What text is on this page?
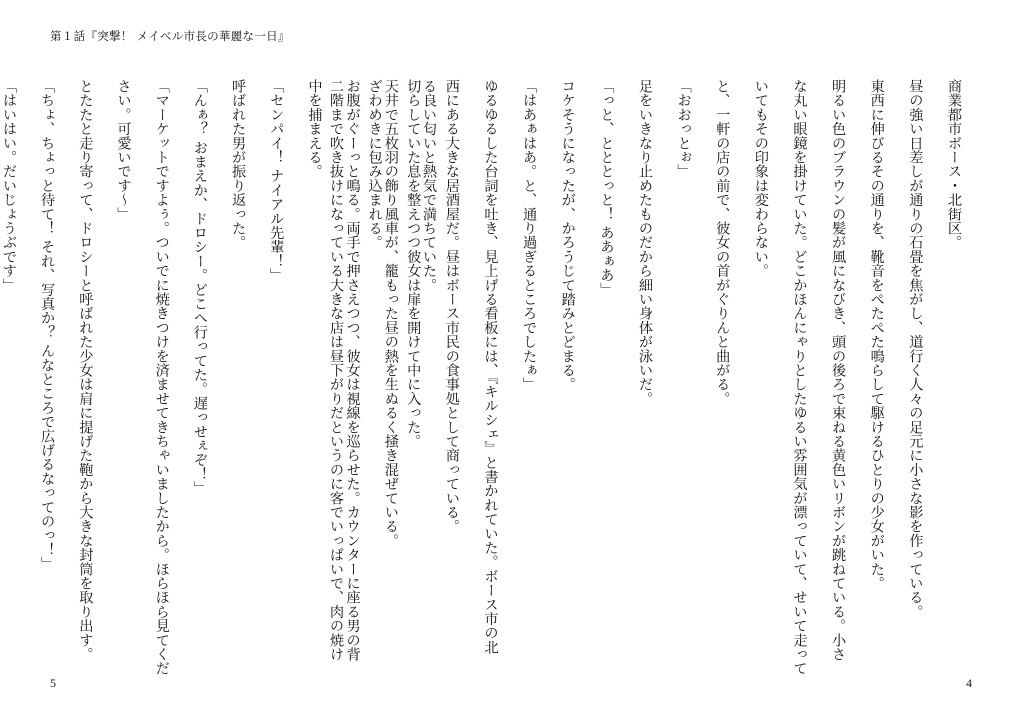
第１話『突撃！ メイベル市長の華麗な一日』
る良い匂いと熱気で満ちていた。
天井で五枚羽の飾り風車が、籠もった昼の熱を生ぬるく掻き混ぜている。
お腹がぐーっと鳴る。両手で押さえつつ、彼女は視線を巡らせた。カウンターに座る男の背
中を捕まえる。
「センパイ！ ナイアル先輩！」
呼ばれた男が振り返った。
「んぁ？ おまえか、ドロシー。どこへ行ってた。遅っせぇぞ！」
「マーケットですよぅ。ついでに焼きつけを済ませてきちゃいましたから。ほらほら見てくだ
さい。可愛いです～」
とたたと走り寄って、ドロシーと呼ばれた少女は肩に提げた鞄から大きな封筒を取り出す。
「ちょ、ちょっと待て！ それ、写真か？ んなところで広げるなってのっ！」
「はいはい。だいじょうぶです」	商業都市ボース・北街区。
昼の強い日差しが通りの石畳を焦がし、道行く人々の足元に小さな影を作っている。
東西に伸びるその通りを、靴音をぺたぺた鳴らして駆けるひとりの少女がいた。
明るい色のブラウンの髪が風になびき、頭の後ろで束ねる黄色いリボンが跳ねている。小さ
な丸い眼鏡を掛けていた。どこかほんにゃりとしたゆるい雰囲気が漂っていて、せいて走って
いてもその印象は変わらない。
と、一軒の店の前で、彼女の首がぐりんと曲がる。
「おおっとぉ」
足をいきなり止めたものだから細い身体が泳いだ。
「っと、とととっと！ ああぁあ」
コケそうになったが、かろうじて踏みとどまる。
「はあぁはあ。と、通り過ぎるところでしたぁ」
ゆるゆるした台詞を吐き、見上げる看板には、『キルシェ』と書かれていた。ボース市の北
西にある大きな居酒屋だ。昼はボース市民の食事処として商っている。
切らしていた息を整えつつ彼女は扉を開けて中に入った。
ざわめきに包み込まれる。
二階まで吹き抜けになっている大きな店は昼下がりだというのに客でいっぱいで、肉の焼け
5	4
